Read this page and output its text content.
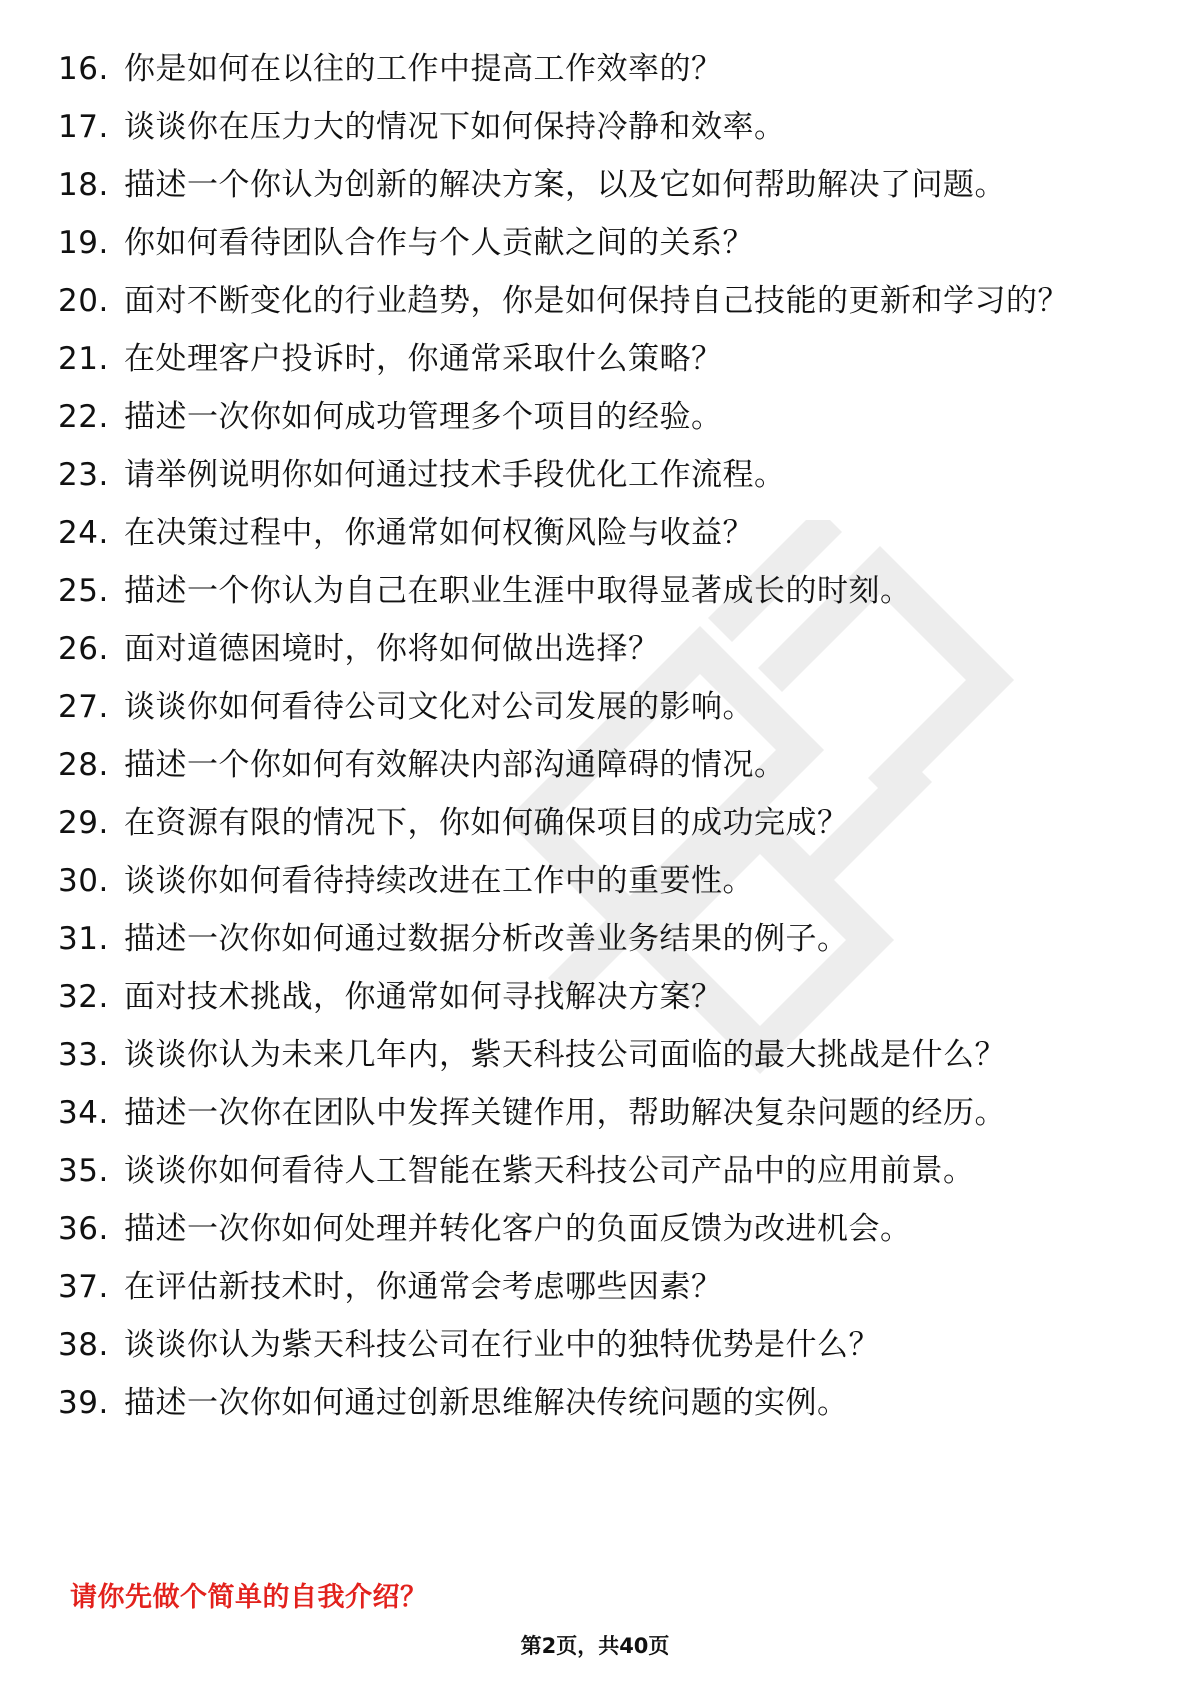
16. 你是如何在以往的工作中提高工作效率的？
17. 谈谈你在压力大的情况下如何保持冷静和效率。
18. 描述一个你认为创新的解决方案，以及它如何帮助解决了问题。
19. 你如何看待团队合作与个人贡献之间的关系？
20. 面对不断变化的行业趋势，你是如何保持自己技能的更新和学习的？
21. 在处理客户投诉时，你通常采取什么策略？
22. 描述一次你如何成功管理多个项目的经验。
23. 请举例说明你如何通过技术手段优化工作流程。
24. 在决策过程中，你通常如何权衡风险与收益？
25. 描述一个你认为自己在职业生涯中取得显著成长的时刻。
26. 面对道德困境时，你将如何做出选择？
27. 谈谈你如何看待公司文化对公司发展的影响。
28. 描述一个你如何有效解决内部沟通障碍的情况。
29. 在资源有限的情况下，你如何确保项目的成功完成？
30. 谈谈你如何看待持续改进在工作中的重要性。
31. 描述一次你如何通过数据分析改善业务结果的例子。
32. 面对技术挑战，你通常如何寻找解决方案？
33. 谈谈你认为未来几年内，紫天科技公司面临的最大挑战是什么？
34. 描述一次你在团队中发挥关键作用，帮助解决复杂问题的经历。
35. 谈谈你如何看待人工智能在紫天科技公司产品中的应用前景。
36. 描述一次你如何处理并转化客户的负面反馈为改进机会。
37. 在评估新技术时，你通常会考虑哪些因素？
38. 谈谈你认为紫天科技公司在行业中的独特优势是什么？
39. 描述一次你如何通过创新思维解决传统问题的实例。
请你先做个简单的自我介绍？
第2页，共40页
